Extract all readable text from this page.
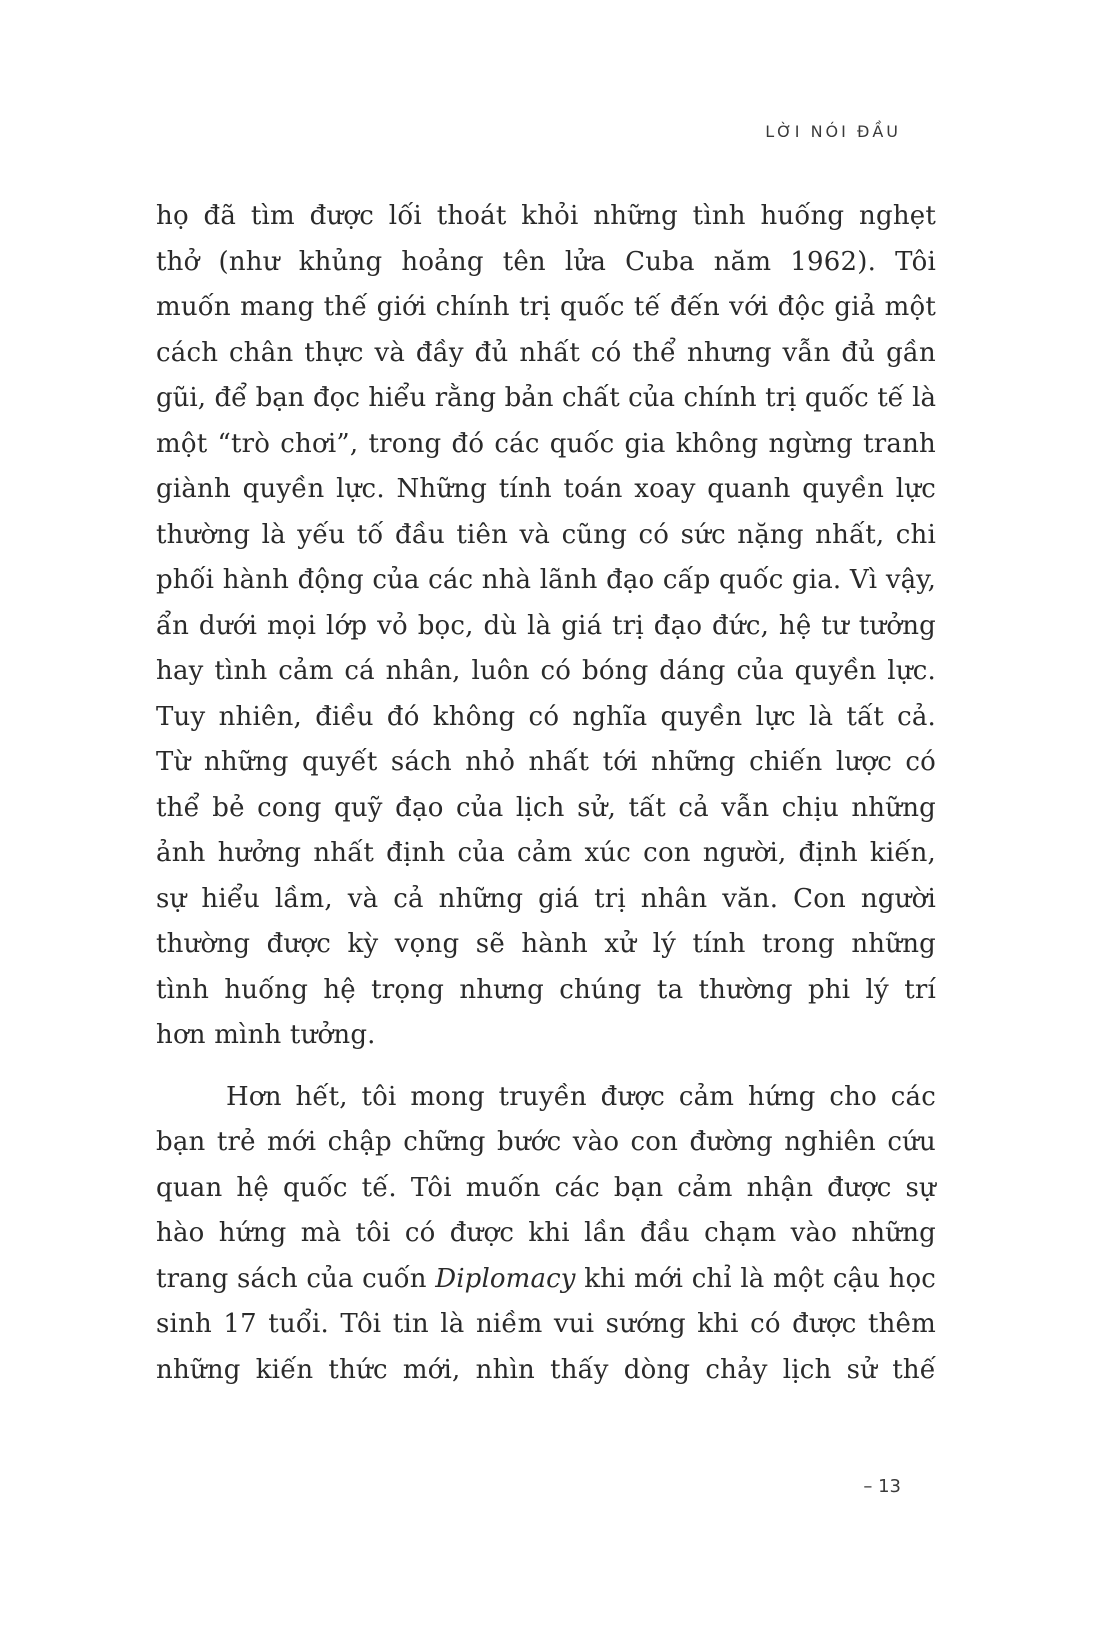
LỜI NÓI ĐẦU
họ đã tìm được lối thoát khỏi những tình huống nghẹt
thở (như khủng hoảng tên lửa Cuba năm 1962). Tôi
muốn mang thế giới chính trị quốc tế đến với độc giả một
cách chân thực và đầy đủ nhất có thể nhưng vẫn đủ gần
gũi, để bạn đọc hiểu rằng bản chất của chính trị quốc tế là
một “trò chơi”, trong đó các quốc gia không ngừng tranh
giành quyền lực. Những tính toán xoay quanh quyền lực
thường là yếu tố đầu tiên và cũng có sức nặng nhất, chi
phối hành động của các nhà lãnh đạo cấp quốc gia. Vì vậy,
ẩn dưới mọi lớp vỏ bọc, dù là giá trị đạo đức, hệ tư tưởng
hay tình cảm cá nhân, luôn có bóng dáng của quyền lực.
Tuy nhiên, điều đó không có nghĩa quyền lực là tất cả.
Từ những quyết sách nhỏ nhất tới những chiến lược có
thể bẻ cong quỹ đạo của lịch sử, tất cả vẫn chịu những
ảnh hưởng nhất định của cảm xúc con người, định kiến,
sự hiểu lầm, và cả những giá trị nhân văn. Con người
thường được kỳ vọng sẽ hành xử lý tính trong những
tình huống hệ trọng nhưng chúng ta thường phi lý trí
hơn mình tưởng.
Hơn hết, tôi mong truyền được cảm hứng cho các
bạn trẻ mới chập chững bước vào con đường nghiên cứu
quan hệ quốc tế. Tôi muốn các bạn cảm nhận được sự
hào hứng mà tôi có được khi lần đầu chạm vào những
trang sách của cuốn Diplomacy khi mới chỉ là một cậu học
sinh 17 tuổi. Tôi tin là niềm vui sướng khi có được thêm
những kiến thức mới, nhìn thấy dòng chảy lịch sử thế
– 13
